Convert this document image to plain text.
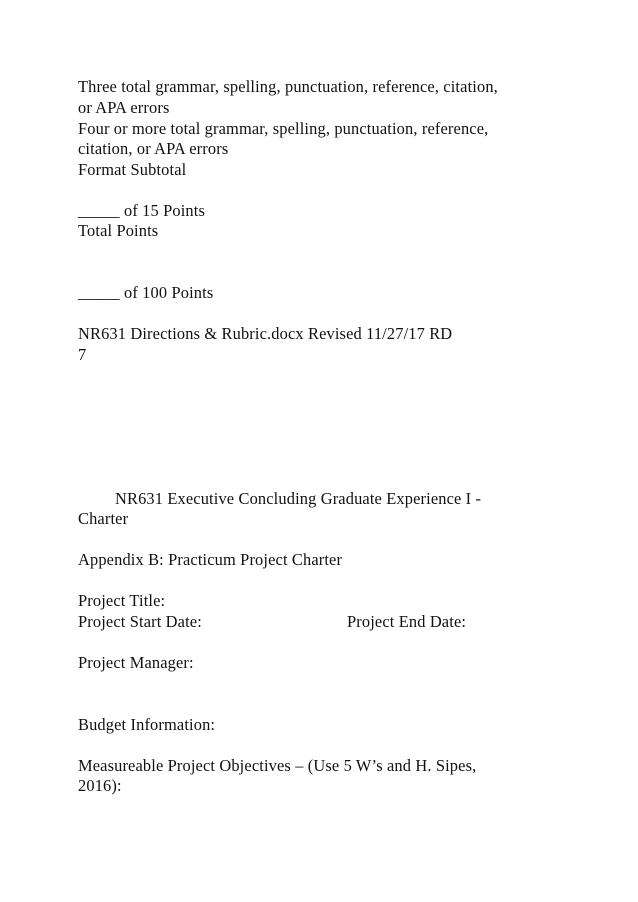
Three total grammar, spelling, punctuation, reference, citation,
or APA errors
Four or more total grammar, spelling, punctuation, reference,
citation, or APA errors
Format Subtotal
_____ of 15 Points
Total Points
_____ of 100 Points
NR631 Directions & Rubric.docx Revised 11/27/17 RD
7
NR631 Executive Concluding Graduate Experience I -
Charter
Appendix B: Practicum Project Charter
Project Title:
Project Start Date:	Project End Date:
Project Manager:
Budget Information:
Measureable Project Objectives – (Use 5 W’s and H. Sipes,
2016):
